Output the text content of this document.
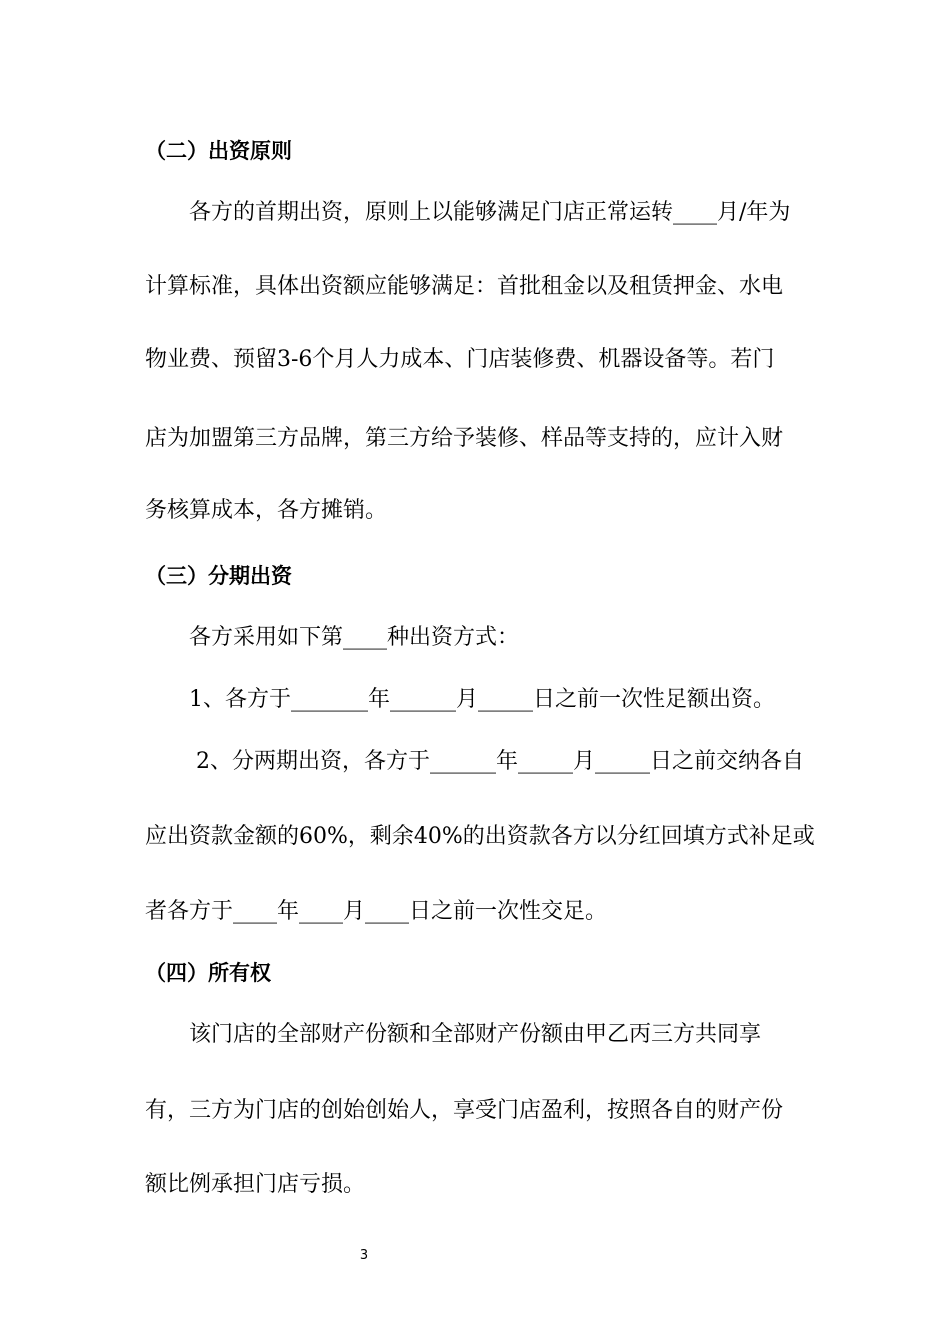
（二）出资原则

　　各方的首期出资，原则上以能够满足门店正常运转____月/年为

计算标准，具体出资额应能够满足：首批租金以及租赁押金、水电

物业费、预留3-6个月人力成本、门店装修费、机器设备等。若门

店为加盟第三方品牌，第三方给予装修、样品等支持的，应计入财

务核算成本，各方摊销。

（三）分期出资

　　各方采用如下第____种出资方式：

　　1、各方于_______年______月_____日之前一次性足额出资。

　　 2、分两期出资，各方于______年_____月_____日之前交纳各自

应出资款金额的60%，剩余40%的出资款各方以分红回填方式补足或

者各方于____年____月____日之前一次性交足。

（四）所有权

　　该门店的全部财产份额和全部财产份额由甲乙丙三方共同享

有，三方为门店的创始创始人，享受门店盈利，按照各自的财产份

额比例承担门店亏损。

3
